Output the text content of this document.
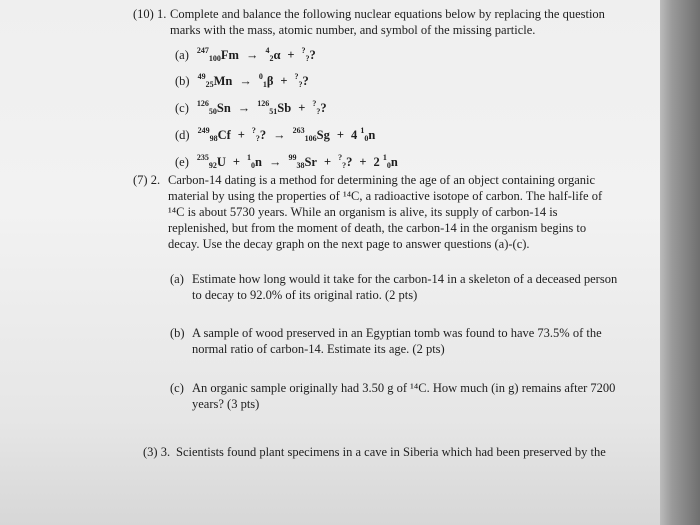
(10) 1. Complete and balance the following nuclear equations below by replacing the question
marks with the mass, atomic number, and symbol of the missing particle.
(a) 247100Fm → 42α + ???
(b) 4925Mn → 01β + ???
(c) 12650Sn → 12651Sb + ???
(d) 24998Cf + ??? → 263106Sg + 4 10n
(e) 23592U + 10n → 9938Sr + ??? + 2 10n
(7) 2. Carbon-14 dating is a method for determining the age of an object containing organic
material by using the properties of ¹⁴C, a radioactive isotope of carbon. The half-life of
¹⁴C is about 5730 years. While an organism is alive, its supply of carbon-14 is
replenished, but from the moment of death, the carbon-14 in the organism begins to
decay. Use the decay graph on the next page to answer questions (a)-(c).
(a) Estimate how long would it take for the carbon-14 in a skeleton of a deceased person
to decay to 92.0% of its original ratio. (2 pts)
(b) A sample of wood preserved in an Egyptian tomb was found to have 73.5% of the
normal ratio of carbon-14. Estimate its age. (2 pts)
(c) An organic sample originally had 3.50 g of ¹⁴C. How much (in g) remains after 7200
years? (3 pts)
(3) 3. Scientists found plant specimens in a cave in Siberia which had been preserved by the
